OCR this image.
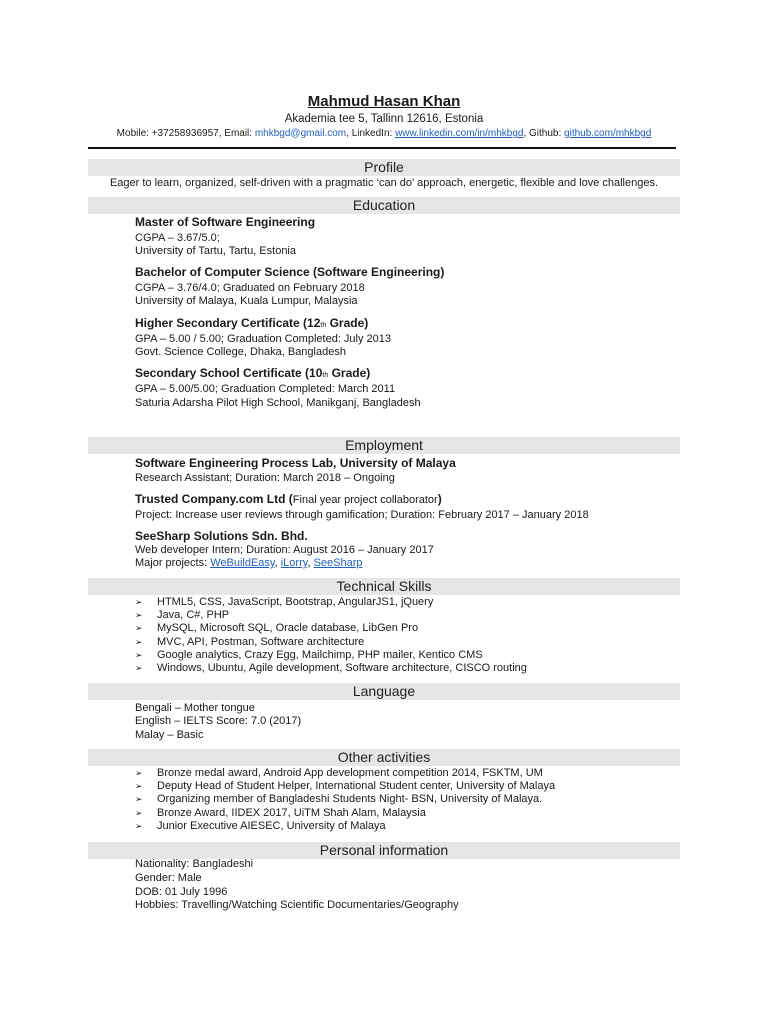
Mahmud Hasan Khan
Akademia tee 5, Tallinn 12616, Estonia
Mobile: +37258936957, Email: mhkbgd@gmail.com, LinkedIn: www.linkedin.com/in/mhkbgd, Github: github.com/mhkbgd
Profile
Eager to learn, organized, self-driven with a pragmatic ‘can do’ approach, energetic, flexible and love challenges.
Education
Master of Software Engineering
CGPA – 3.67/5.0;
University of Tartu, Tartu, Estonia
Bachelor of Computer Science (Software Engineering)
CGPA – 3.76/4.0; Graduated on February 2018
University of Malaya, Kuala Lumpur, Malaysia
Higher Secondary Certificate (12th Grade)
GPA – 5.00 / 5.00; Graduation Completed: July 2013
Govt. Science College, Dhaka, Bangladesh
Secondary School Certificate (10th Grade)
GPA – 5.00/5.00; Graduation Completed: March 2011
Saturia Adarsha Pilot High School, Manikganj, Bangladesh
Employment
Software Engineering Process Lab, University of Malaya
Research Assistant; Duration: March 2018 – Ongoing
Trusted Company.com Ltd (Final year project collaborator)
Project: Increase user reviews through gamification; Duration: February 2017 – January 2018
SeeSharp Solutions Sdn. Bhd.
Web developer Intern; Duration: August 2016 – January 2017
Major projects: WeBuildEasy, iLorry, SeeSharp
Technical Skills
➢ HTML5, CSS, JavaScript, Bootstrap, AngularJS1, jQuery
➢ Java, C#, PHP
➢ MySQL, Microsoft SQL, Oracle database, LibGen Pro
➢ MVC, API, Postman, Software architecture
➢ Google analytics, Crazy Egg, Mailchimp, PHP mailer, Kentico CMS
➢ Windows, Ubuntu, Agile development, Software architecture, CISCO routing
Language
Bengali – Mother tongue
English – IELTS Score: 7.0 (2017)
Malay – Basic
Other activities
➢ Bronze medal award, Android App development competition 2014, FSKTM, UM
➢ Deputy Head of Student Helper, International Student center, University of Malaya
➢ Organizing member of Bangladeshi Students Night- BSN, University of Malaya.
➢ Bronze Award, IIDEX 2017, UiTM Shah Alam, Malaysia
➢ Junior Executive AIESEC, University of Malaya
Personal information
Nationality: Bangladeshi
Gender: Male
DOB: 01 July 1996
Hobbies: Travelling/Watching Scientific Documentaries/Geography
